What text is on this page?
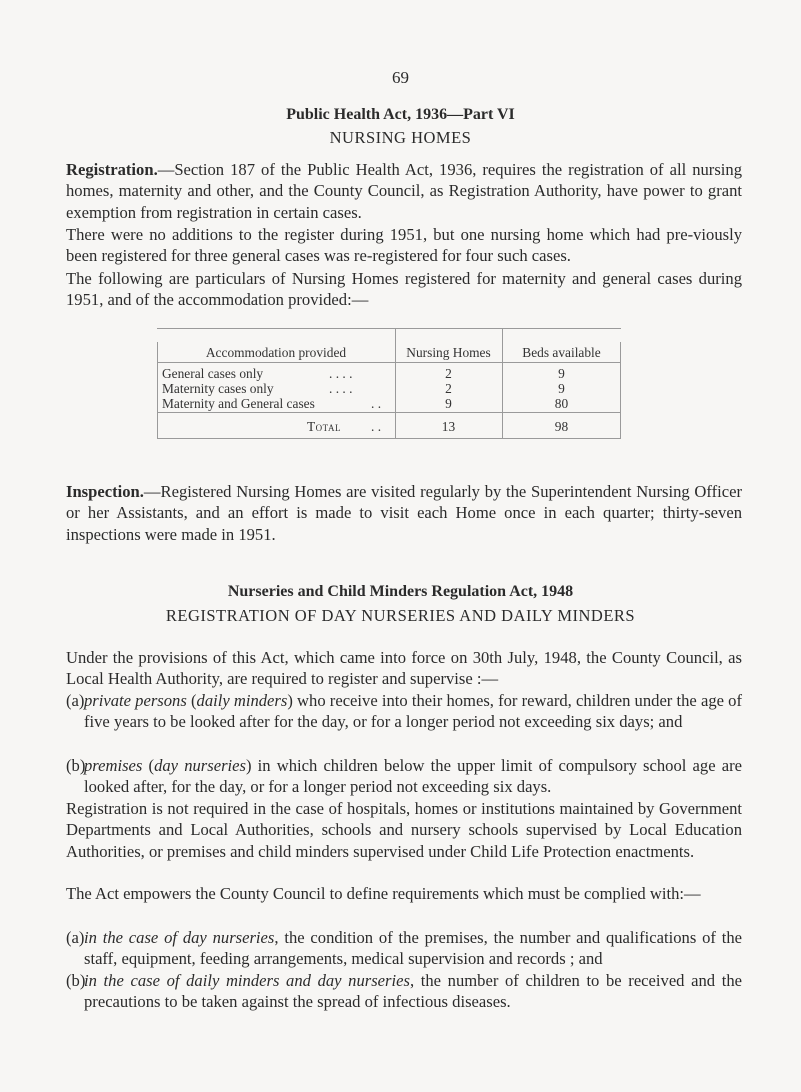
69
Public Health Act, 1936—Part VI
NURSING HOMES

Registration.—Section 187 of the Public Health Act, 1936, requires the registration of all nursing homes, maternity and other, and the County Council, as Registration Authority, have power to grant exemption from registration in certain cases.

There were no additions to the register during 1951, but one nursing home which had pre-viously been registered for three general cases was re-registered for four such cases.

The following are particulars of Nursing Homes registered for maternity and general cases during 1951, and of the accommodation provided:—

Accommodation provided	Nursing Homes	Beds available
General cases only	. . . .	2	9
Maternity cases only	. . . .	2	9
Maternity and General cases	. .	9	80
Total . .	13	98

Inspection.—Registered Nursing Homes are visited regularly by the Superintendent Nursing Officer or her Assistants, and an effort is made to visit each Home once in each quarter; thirty-seven inspections were made in 1951.

Nurseries and Child Minders Regulation Act, 1948
REGISTRATION OF DAY NURSERIES AND DAILY MINDERS

Under the provisions of this Act, which came into force on 30th July, 1948, the County Council, as Local Health Authority, are required to register and supervise :—

(a) private persons (daily minders) who receive into their homes, for reward, children under the age of five years to be looked after for the day, or for a longer period not exceeding six days; and
(b)
premises (day nurseries) in which children below the upper limit of compulsory school age are looked after, for the day, or for a longer period not exceeding six days.

Registration is not required in the case of hospitals, homes or institutions maintained by Government Departments and Local Authorities, schools and nursery schools supervised by Local Education Authorities, or premises and child minders supervised under Child Life Protection enactments.

The Act empowers the County Council to define requirements which must be complied with:—

(a) in the case of day nurseries, the condition of the premises, the number and qualifications of the staff, equipment, feeding arrangements, medical supervision and records ; and
(b)
in the case of daily minders and day nurseries, the number of children to be received and the precautions to be taken against the spread of infectious diseases.
